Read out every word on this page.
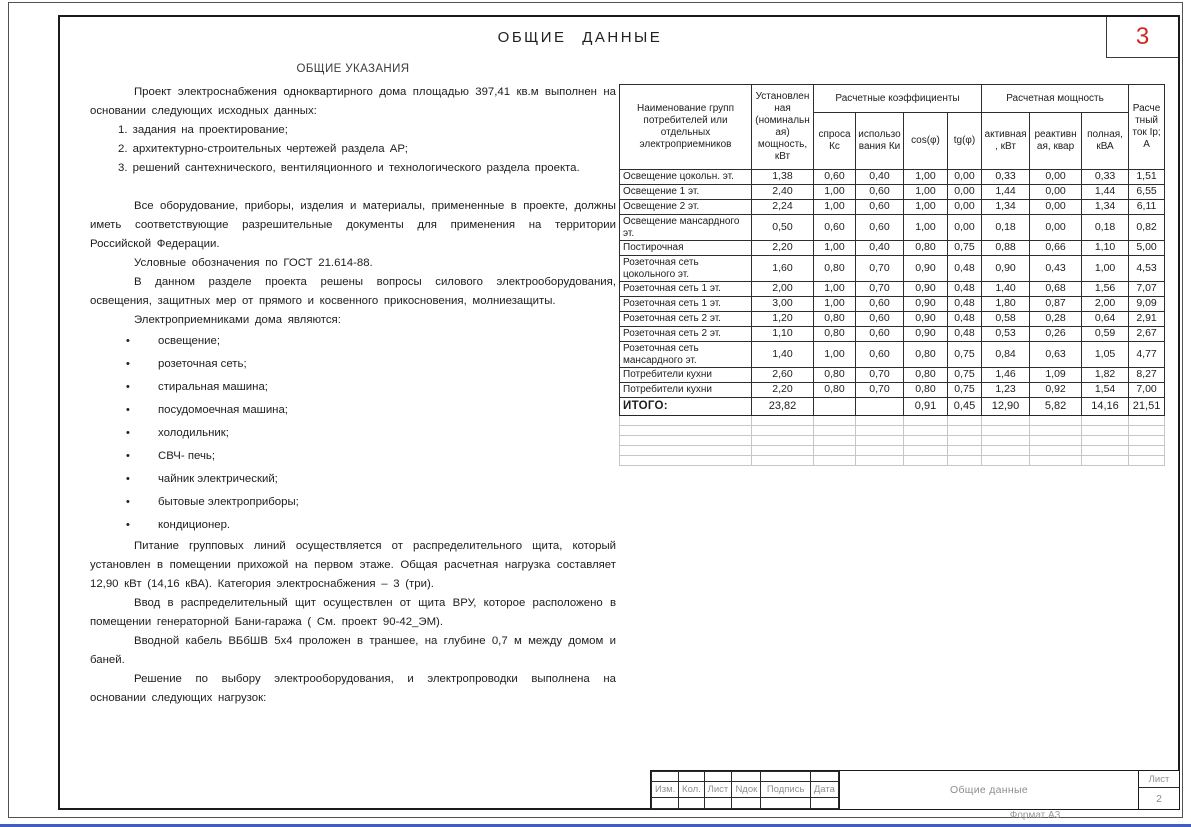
3
ОБЩИЕ ДАННЫЕ
ОБЩИЕ УКАЗАНИЯ
Проект электроснабжения одноквартирного дома площадью 397,41 кв.м выполнен на основании следующих исходных данных:
1. задания на проектирование;
2. архитектурно-строительных чертежей раздела АР;
3. решений сантехнического, вентиляционного и технологического раздела проекта.
Все оборудование, приборы, изделия и материалы, примененные в проекте, должны иметь соответствующие разрешительные документы для применения на территории Российской Федерации.
Условные обозначения по ГОСТ 21.614-88.
В данном разделе проекта решены вопросы силового электрооборудования, освещения, защитных мер от прямого и косвенного прикосновения, молниезащиты.
Электроприемниками дома являются:
• освещение;
• розеточная сеть;
• стиральная машина;
• посудомоечная машина;
• холодильник;
• СВЧ- печь;
• чайник электрический;
• бытовые электроприборы;
• кондиционер.
Питание групповых линий осуществляется от распределительного щита, который установлен в помещении прихожой на первом этаже. Общая расчетная нагрузка составляет 12,90 кВт (14,16 кВА). Категория электроснабжения – 3 (три).
Ввод в распределительный щит осуществлен от щита ВРУ, которое расположено в помещении генераторной Бани-гаража ( См. проект 90-42_ЭМ).
Вводной кабель ВБбШВ 5х4 проложен в траншее, на глубине 0,7 м между домом и баней.
Решение по выбору электрооборудования, и электропроводки выполнена на основании следующих нагрузок:
Наименование групп потребителей или отдельных электроприемников	Установленная (номинальная) мощность, кВт	Расчетные коэффициенты				Расчетная мощность			Расчетный ток Iр; А
		спроса Кс	использования Ки	cos(φ)	tg(φ)	активная, кВт	реактивная, квар	полная, кВА	
Освещение цокольн. эт.	1,38	0,60	0,40	1,00	0,00	0,33	0,00	0,33	1,51
Освещение 1 эт.	2,40	1,00	0,60	1,00	0,00	1,44	0,00	1,44	6,55
Освещение 2 эт.	2,24	1,00	0,60	1,00	0,00	1,34	0,00	1,34	6,11
Освещение мансардного эт.	0,50	0,60	0,60	1,00	0,00	0,18	0,00	0,18	0,82
Постирочная	2,20	1,00	0,40	0,80	0,75	0,88	0,66	1,10	5,00
Розеточная сеть цокольного эт.	1,60	0,80	0,70	0,90	0,48	0,90	0,43	1,00	4,53
Розеточная сеть 1 эт.	2,00	1,00	0,70	0,90	0,48	1,40	0,68	1,56	7,07
Розеточная сеть 1 эт.	3,00	1,00	0,60	0,90	0,48	1,80	0,87	2,00	9,09
Розеточная сеть 2 эт.	1,20	0,80	0,60	0,90	0,48	0,58	0,28	0,64	2,91
Розеточная сеть 2 эт.	1,10	0,80	0,60	0,90	0,48	0,53	0,26	0,59	2,67
Розеточная сеть мансардного эт.	1,40	1,00	0,60	0,80	0,75	0,84	0,63	1,05	4,77
Потребители кухни	2,60	0,80	0,70	0,80	0,75	1,46	1,09	1,82	8,27
Потребители кухни	2,20	0,80	0,70	0,80	0,75	1,23	0,92	1,54	7,00
ИТОГО:	23,82			0,91	0,45	12,90	5,82	14,16	21,51

Изм.	Кол.	Лист	Nдок	Подпись	Дата
						Общие данные
Лист
2
Формат А3
